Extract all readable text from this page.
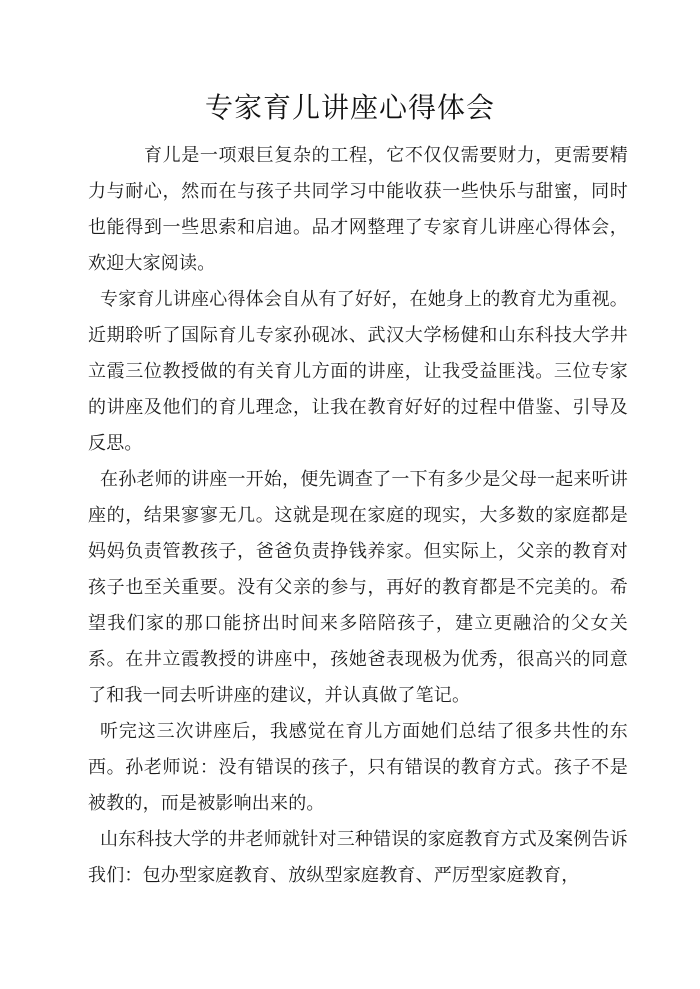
专家育儿讲座心得体会

育儿是一项艰巨复杂的工程，它不仅仅需要财力，更需要精力与耐心，然而在与孩子共同学习中能收获一些快乐与甜蜜，同时也能得到一些思索和启迪。品才网整理了专家育儿讲座心得体会，欢迎大家阅读。

专家育儿讲座心得体会自从有了好好，在她身上的教育尤为重视。近期聆听了国际育儿专家孙砚冰、武汉大学杨健和山东科技大学井立霞三位教授做的有关育儿方面的讲座，让我受益匪浅。三位专家的讲座及他们的育儿理念，让我在教育好好的过程中借鉴、引导及反思。

在孙老师的讲座一开始，便先调查了一下有多少是父母一起来听讲座的，结果寥寥无几。这就是现在家庭的现实，大多数的家庭都是妈妈负责管教孩子，爸爸负责挣钱养家。但实际上，父亲的教育对孩子也至关重要。没有父亲的参与，再好的教育都是不完美的。希望我们家的那口能挤出时间来多陪陪孩子，建立更融洽的父女关系。在井立霞教授的讲座中，孩她爸表现极为优秀，很高兴的同意了和我一同去听讲座的建议，并认真做了笔记。

听完这三次讲座后，我感觉在育儿方面她们总结了很多共性的东西。孙老师说：没有错误的孩子，只有错误的教育方式。孩子不是被教的，而是被影响出来的。

山东科技大学的井老师就针对三种错误的家庭教育方式及案例告诉我们：包办型家庭教育、放纵型家庭教育、严厉型家庭教育，
